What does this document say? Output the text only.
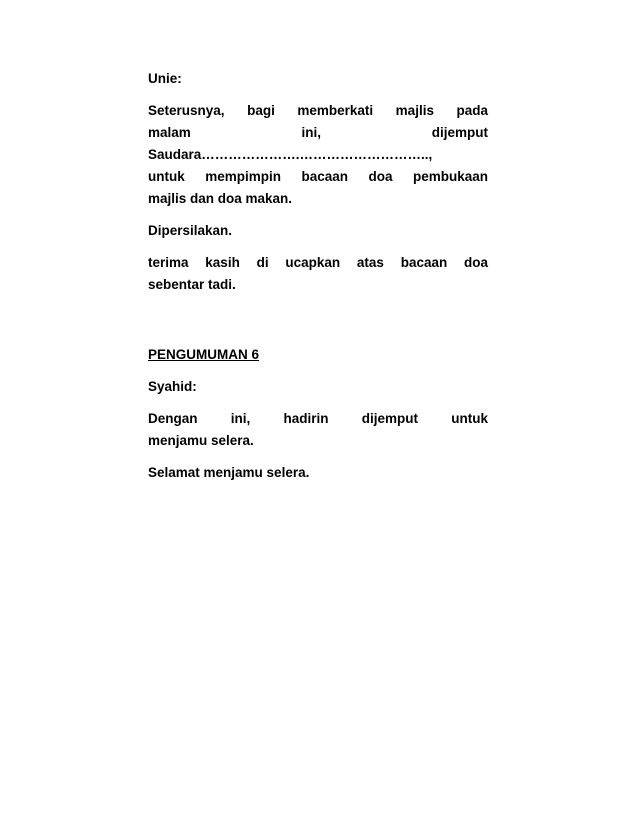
Unie:

Seterusnya, bagi memberkati majlis pada

malam ini, dijemput

Saudara………………….………………………..,

untuk mempimpin bacaan doa pembukaan

majlis dan doa makan.

Dipersilakan.

terima kasih di ucapkan atas bacaan doa

sebentar tadi.

PENGUMUMAN 6

Syahid:

Dengan ini, hadirin dijemput untuk

menjamu selera.

Selamat menjamu selera.
